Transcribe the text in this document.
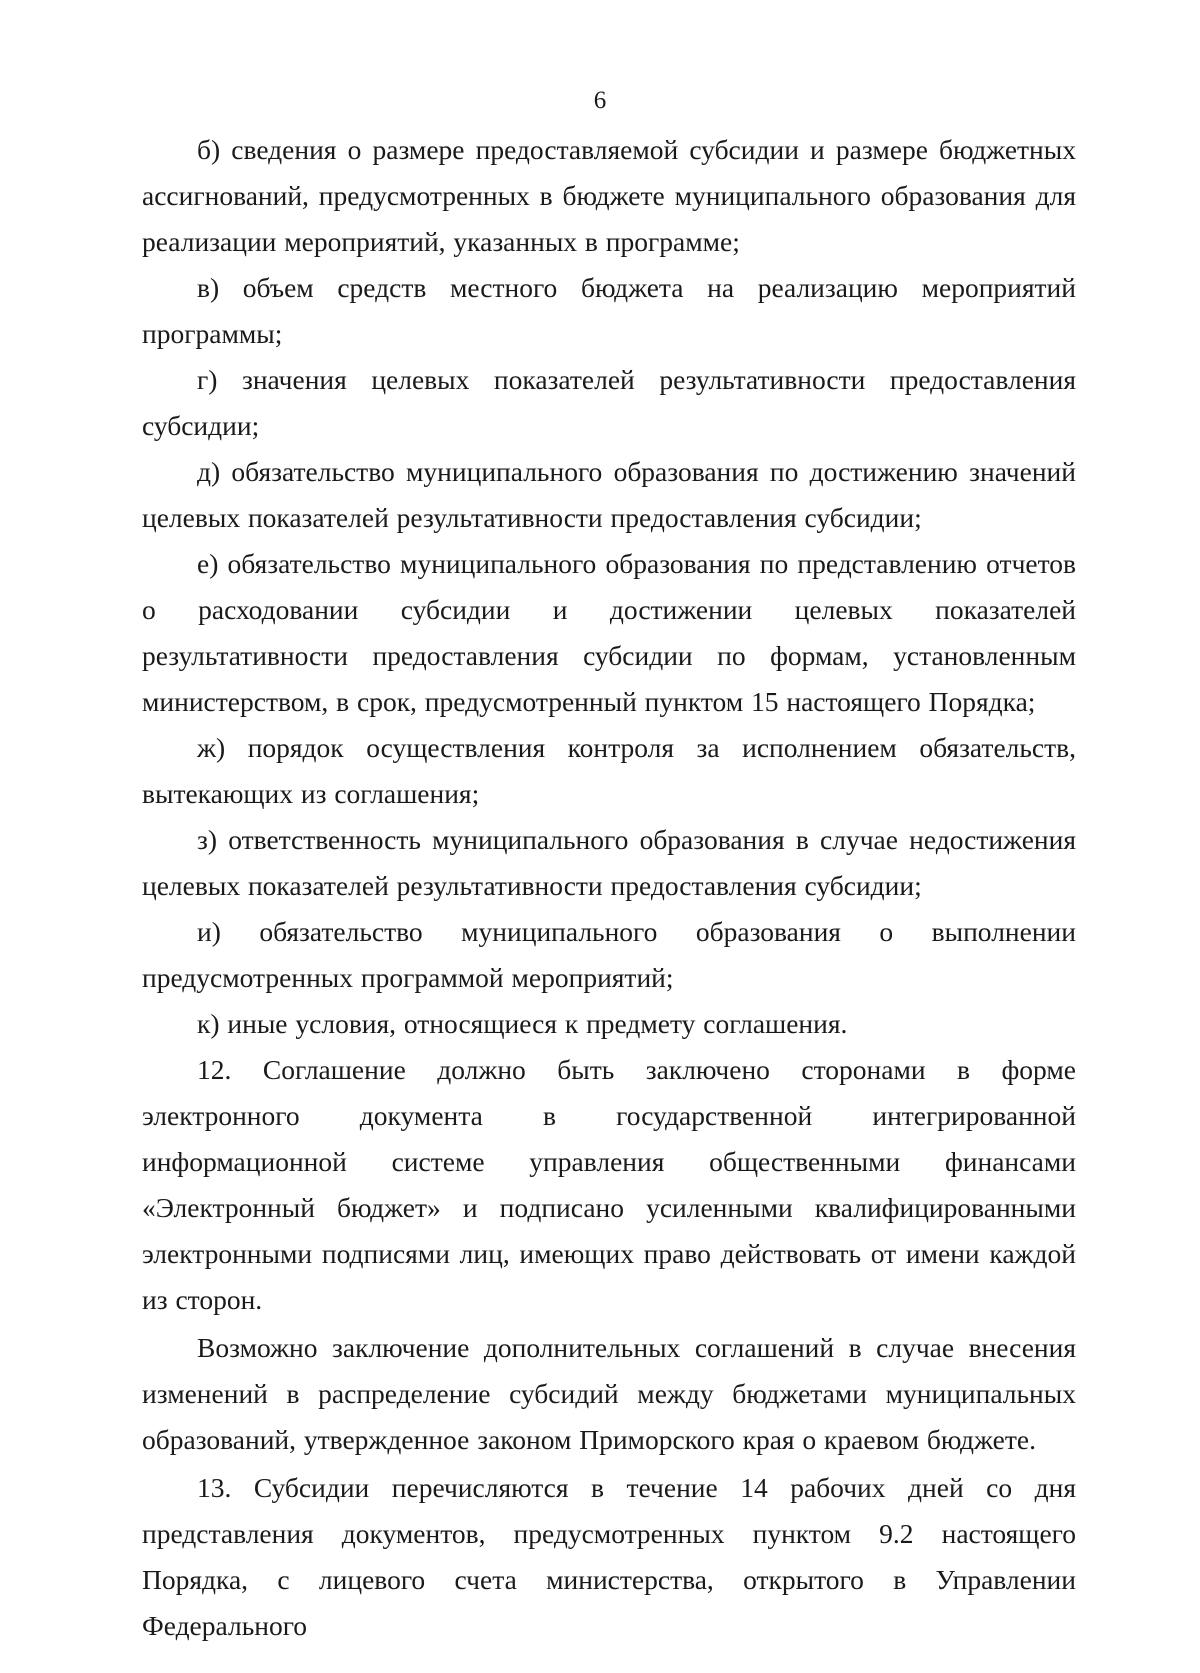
6

б) сведения о размере предоставляемой субсидии и размере бюджетных ассигнований, предусмотренных в бюджете муниципального образования для реализации мероприятий, указанных в программе;

в) объем средств местного бюджета на реализацию мероприятий программы;

г) значения целевых показателей результативности предоставления субсидии;

д) обязательство муниципального образования по достижению значений целевых показателей результативности предоставления субсидии;

е) обязательство муниципального образования по представлению отчетов о расходовании субсидии и достижении целевых показателей результативности предоставления субсидии по формам, установленным министерством, в срок, предусмотренный пунктом 15 настоящего Порядка;

ж) порядок осуществления контроля за исполнением обязательств, вытекающих из соглашения;

з) ответственность муниципального образования в случае недостижения целевых показателей результативности предоставления субсидии;

и) обязательство муниципального образования о выполнении предусмотренных программой мероприятий;

к) иные условия, относящиеся к предмету соглашения.

12. Соглашение должно быть заключено сторонами в форме электронного документа в государственной интегрированной информационной системе управления общественными финансами «Электронный бюджет» и подписано усиленными квалифицированными электронными подписями лиц, имеющих право действовать от имени каждой из сторон.

Возможно заключение дополнительных соглашений в случае внесения изменений в распределение субсидий между бюджетами муниципальных образований, утвержденное законом Приморского края о краевом бюджете.

13. Субсидии перечисляются в течение 14 рабочих дней со дня представления документов, предусмотренных пунктом 9.2 настоящего Порядка, с лицевого счета министерства, открытого в Управлении Федерального
